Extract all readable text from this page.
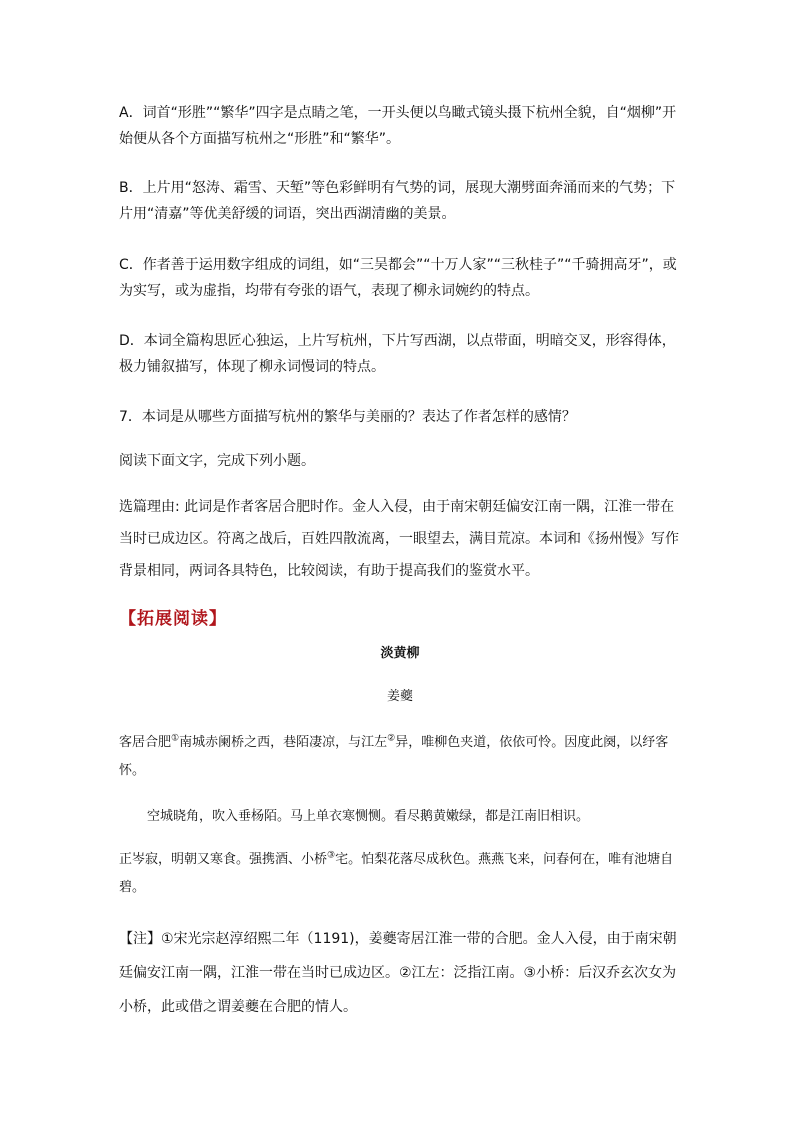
A．词首“形胜”“繁华”四字是点睛之笔，一开头便以鸟瞰式镜头摄下杭州全貌，自“烟柳”开始便从各个方面描写杭州之“形胜”和“繁华”。

B．上片用“怒涛、霜雪、天堑”等色彩鲜明有气势的词，展现大潮劈面奔涌而来的气势；下片用“清嘉”等优美舒缓的词语，突出西湖清幽的美景。

C．作者善于运用数字组成的词组，如“三吴都会”“十万人家”“三秋桂子”“千骑拥高牙”，或为实写，或为虚指，均带有夸张的语气，表现了柳永词婉约的特点。

D．本词全篇构思匠心独运，上片写杭州，下片写西湖，以点带面，明暗交叉，形容得体，极力铺叙描写，体现了柳永词慢词的特点。

7．本词是从哪些方面描写杭州的繁华与美丽的？表达了作者怎样的感情？

阅读下面文字，完成下列小题。

选篇理由: 此词是作者客居合肥时作。金人入侵，由于南宋朝廷偏安江南一隅，江淮一带在当时已成边区。符离之战后，百姓四散流离，一眼望去，满目荒凉。本词和《扬州慢》写作背景相同，两词各具特色，比较阅读，有助于提高我们的鉴赏水平。

【拓展阅读】

淡黄柳

姜夔

客居合肥①南城赤阑桥之西，巷陌凄凉，与江左②异，唯柳色夹道，依依可怜。因度此阕，以纾客怀。

空城晓角，吹入垂杨陌。马上单衣寒恻恻。看尽鹅黄嫩绿，都是江南旧相识。

正岑寂，明朝又寒食。强携酒、小桥③宅。怕梨花落尽成秋色。燕燕飞来，问春何在，唯有池塘自碧。

【注】①宋光宗赵淳绍熙二年（1191)，姜夔寄居江淮一带的合肥。金人入侵，由于南宋朝廷偏安江南一隅，江淮一带在当时已成边区。②江左：泛指江南。③小桥：后汉乔玄次女为小桥，此或借之谓姜夔在合肥的情人。
